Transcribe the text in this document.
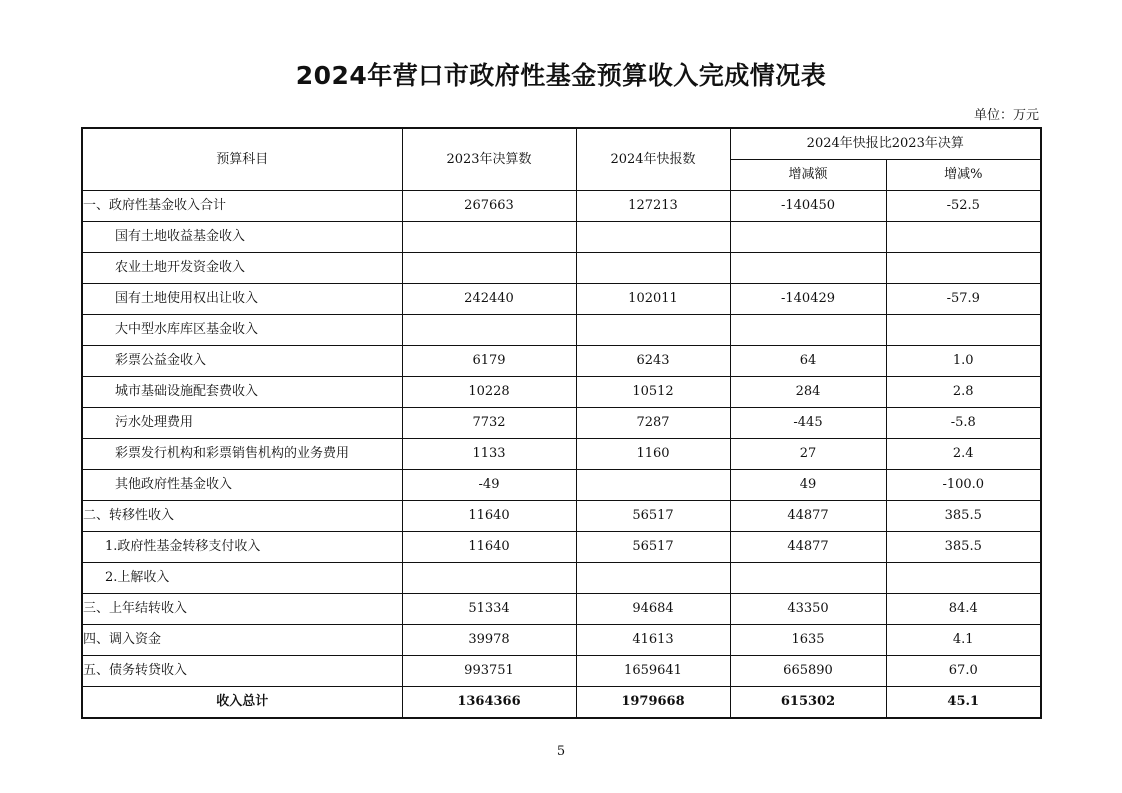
2024年营口市政府性基金预算收入完成情况表
单位：万元
预算科目	2023年决算数	2024年快报数	2024年快报比2023年决算	
			增减额	增减%
一、政府性基金收入合计	267663	127213	-140450	-52.5
国有土地收益基金收入				
农业土地开发资金收入				
国有土地使用权出让收入	242440	102011	-140429	-57.9
大中型水库库区基金收入				
彩票公益金收入	6179	6243	64	1.0
城市基础设施配套费收入	10228	10512	284	2.8
污水处理费用	7732	7287	-445	-5.8
彩票发行机构和彩票销售机构的业务费用	1133	1160	27	2.4
其他政府性基金收入	-49		49	-100.0
二、转移性收入	11640	56517	44877	385.5
1.政府性基金转移支付收入	11640	56517	44877	385.5
2.上解收入				
三、上年结转收入	51334	94684	43350	84.4
四、调入资金	39978	41613	1635	4.1
五、债务转贷收入	993751	1659641	665890	67.0
收入总计	1364366	1979668	615302	45.1
5
